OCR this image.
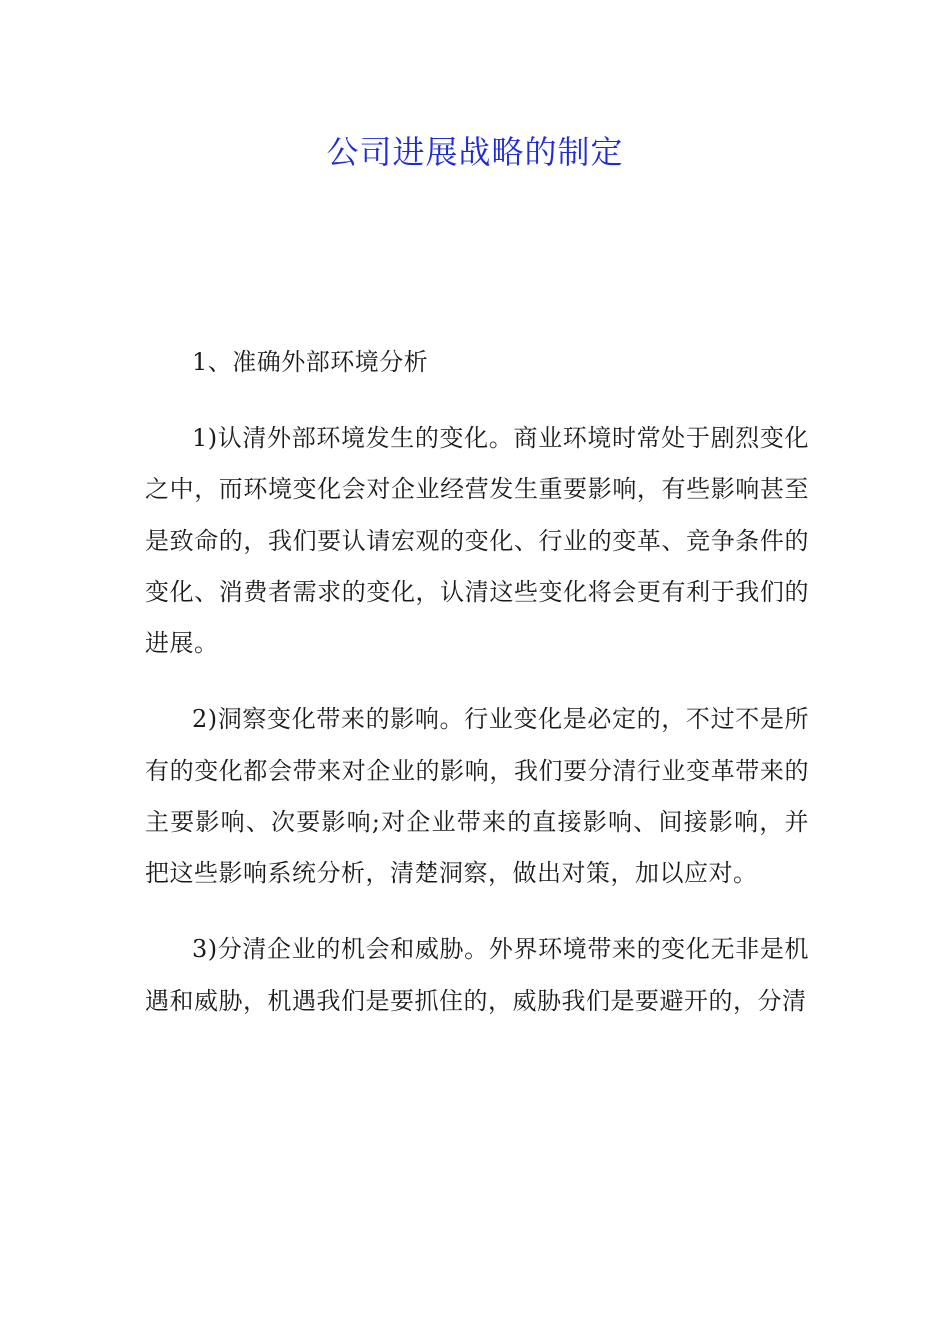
公司进展战略的制定

1、准确外部环境分析

1)认清外部环境发生的变化。商业环境时常处于剧烈变化之中，而环境变化会对企业经营发生重要影响，有些影响甚至是致命的，我们要认请宏观的变化、行业的变革、竞争条件的变化、消费者需求的变化，认清这些变化将会更有利于我们的进展。

2)洞察变化带来的影响。行业变化是必定的，不过不是所有的变化都会带来对企业的影响，我们要分清行业变革带来的主要影响、次要影响;对企业带来的直接影响、间接影响，并把这些影响系统分析，清楚洞察，做出对策，加以应对。

3)分清企业的机会和威胁。外界环境带来的变化无非是机遇和威胁，机遇我们是要抓住的，威胁我们是要避开的，分清
